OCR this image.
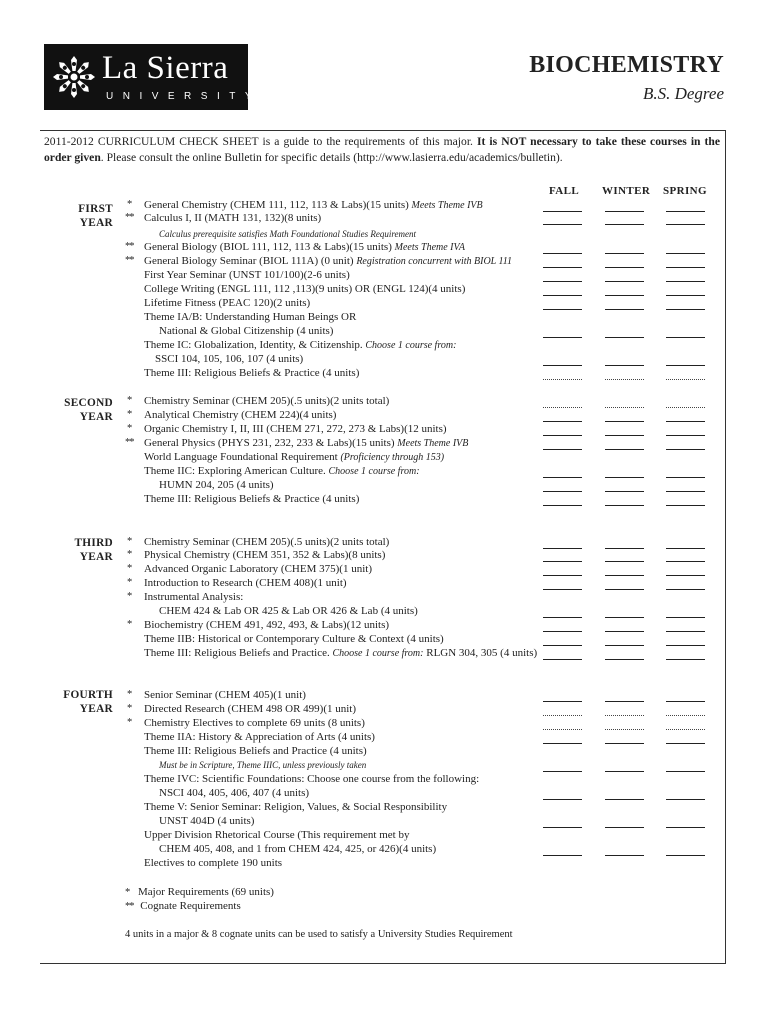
La Sierra
UNIVERSITY
BIOCHEMISTRY
B.S. Degree
2011-2012 CURRICULUM CHECK SHEET is a guide to the requirements of this major. It is NOT necessary to take these courses in the order given. Please consult the online Bulletin for specific details (http://www.lasierra.edu/academics/bulletin).
FALL WINTER SPRING
FIRST
YEAR
SECOND
YEAR
THIRD
YEAR
FOURTH
YEAR
* General Chemistry (CHEM 111, 112, 113 & Labs)(15 units) Meets Theme IVB
** Calculus I, II (MATH 131, 132)(8 units)
Calculus prerequisite satisfies Math Foundational Studies Requirement
** General Biology (BIOL 111, 112, 113 & Labs)(15 units) Meets Theme IVA
** General Biology Seminar (BIOL 111A) (0 unit) Registration concurrent with BIOL 111
First Year Seminar (UNST 101/100)(2-6 units)
College Writing (ENGL 111, 112 ,113)(9 units) OR (ENGL 124)(4 units)
Lifetime Fitness (PEAC 120)(2 units)
Theme IA/B: Understanding Human Beings OR
National & Global Citizenship (4 units)
Theme IC: Globalization, Identity, & Citizenship. Choose 1 course from:
SSCI 104, 105, 106, 107 (4 units)
Theme III: Religious Beliefs & Practice (4 units)
* Chemistry Seminar (CHEM 205)(.5 units)(2 units total)
* Analytical Chemistry (CHEM 224)(4 units)
* Organic Chemistry I, II, III (CHEM 271, 272, 273 & Labs)(12 units)
** General Physics (PHYS 231, 232, 233 & Labs)(15 units) Meets Theme IVB
World Language Foundational Requirement (Proficiency through 153)
Theme IIC: Exploring American Culture. Choose 1 course from:
HUMN 204, 205 (4 units)
Theme III: Religious Beliefs & Practice (4 units)
* Chemistry Seminar (CHEM 205)(.5 units)(2 units total)
* Physical Chemistry (CHEM 351, 352 & Labs)(8 units)
* Advanced Organic Laboratory (CHEM 375)(1 unit)
* Introduction to Research (CHEM 408)(1 unit)
* Instrumental Analysis:
CHEM 424 & Lab OR 425 & Lab OR 426 & Lab (4 units)
* Biochemistry (CHEM 491, 492, 493, & Labs)(12 units)
Theme IIB: Historical or Contemporary Culture & Context (4 units)
Theme III: Religious Beliefs and Practice. Choose 1 course from: RLGN 304, 305 (4 units)
* Senior Seminar (CHEM 405)(1 unit)
* Directed Research (CHEM 498 OR 499)(1 unit)
* Chemistry Electives to complete 69 units (8 units)
Theme IIA: History & Appreciation of Arts (4 units)
Theme III: Religious Beliefs and Practice (4 units)
Must be in Scripture, Theme IIIC, unless previously taken
Theme IVC: Scientific Foundations: Choose one course from the following:
NSCI 404, 405, 406, 407 (4 units)
Theme V: Senior Seminar: Religion, Values, & Social Responsibility
UNST 404D (4 units)
Upper Division Rhetorical Course (This requirement met by
CHEM 405, 408, and 1 from CHEM 424, 425, or 426)(4 units)
Electives to complete 190 units
* Major Requirements (69 units)
** Cognate Requirements
4 units in a major & 8 cognate units can be used to satisfy a University Studies Requirement
